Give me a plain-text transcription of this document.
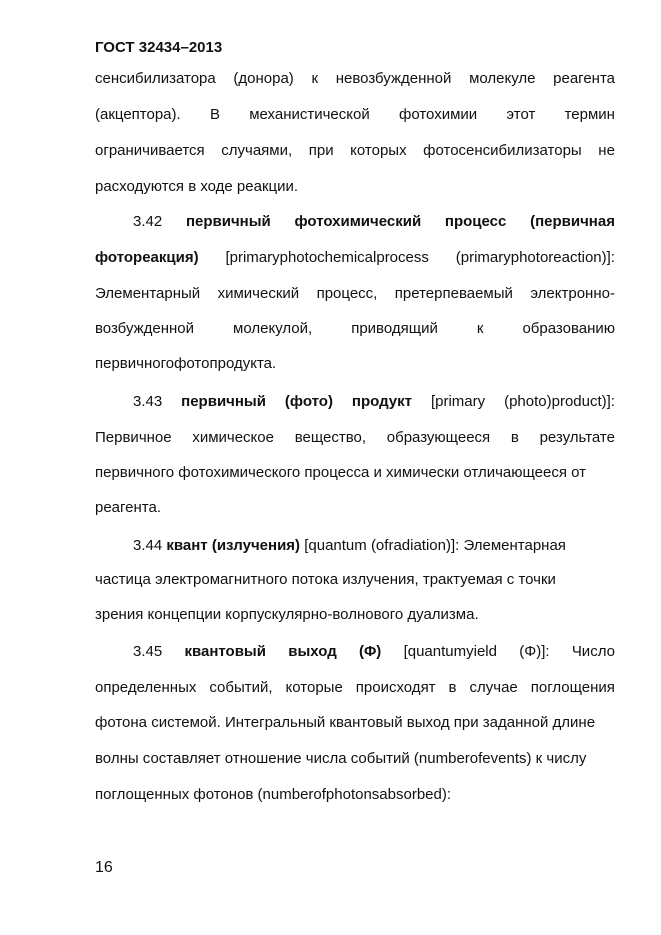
ГОСТ 32434–2013
сенсибилизатора (донора) к невозбужденной молекуле реагента
(акцептора). В механистической фотохимии этот термин
ограничивается случаями, при которых фотосенсибилизаторы не
расходуются в ходе реакции.
3.42 первичный фотохимический процесс (первичная
фотореакция) [primaryphotochemicalprocess (primaryphotoreaction)]:
Элементарный химический процесс, претерпеваемый электронно-
возбужденной	молекулой,	приводящий	к	образованию
первичногофотопродукта.
3.43 первичный (фото) продукт [primary (photo)product)]:
Первичное химическое вещество, образующееся в результате
первичного фотохимического процесса и химически отличающееся от
реагента.
3.44 квант (излучения) [quantum (ofradiation)]: Элементарная
частица электромагнитного потока излучения, трактуемая с точки
зрения концепции корпускулярно-волнового дуализма.
3.45 квантовый выход (Φ) [quantumyield (Φ)]: Число
определенных событий, которые происходят в случае поглощения
фотона системой. Интегральный квантовый выход при заданной длине
волны составляет отношение числа событий (numberofevents) к числу
поглощенных фотонов (numberofphotonsabsorbed):
16
